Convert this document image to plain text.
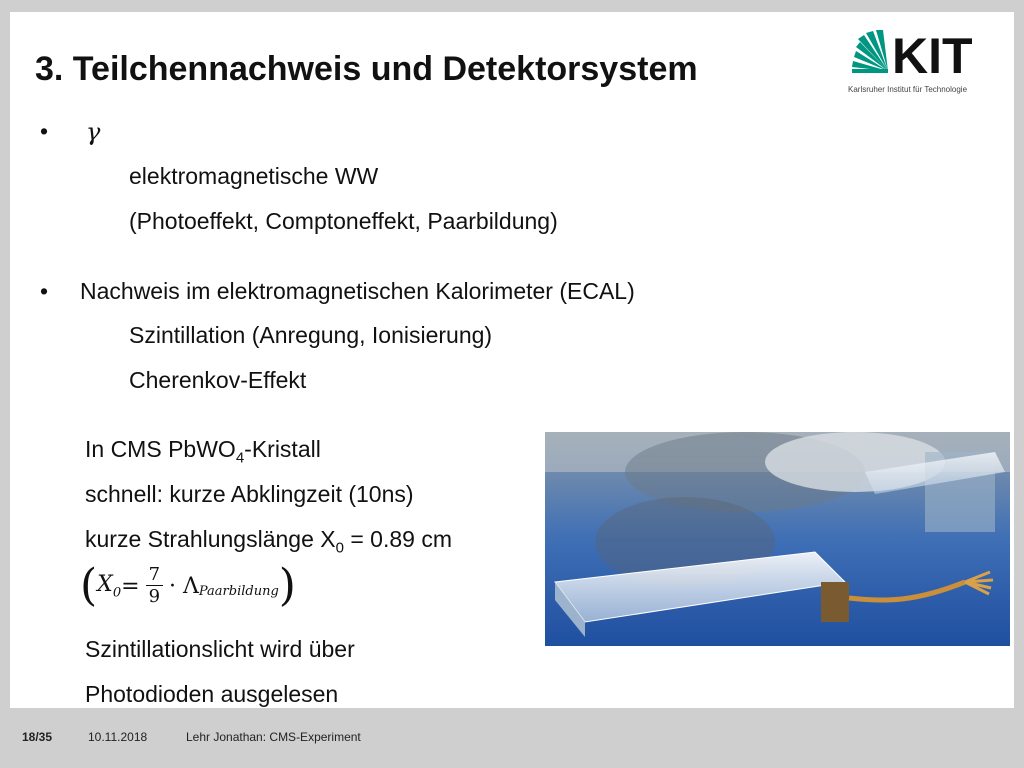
3. Teilchennachweis und Detektorsystem	KIT
Karlsruher Institut für Technologie
• γ
elektromagnetische WW
(Photoeffekt, Comptoneffekt, Paarbildung)
• Nachweis im elektromagnetischen Kalorimeter (ECAL)
Szintillation (Anregung, Ionisierung)
Cherenkov-Effekt
In CMS PbWO$_4$-Kristall
schnell: kurze Abklingzeit (10ns)
kurze Strahlungslänge $X_0 = 0.89$ cm
( $X_0 = \frac{7}{9} \cdot \Lambda_{Paarbildung}$ )
Szintillationslicht wird über
Photodioden ausgelesen
18/35	10.11.2018	Lehr Jonathan: CMS-Experiment
